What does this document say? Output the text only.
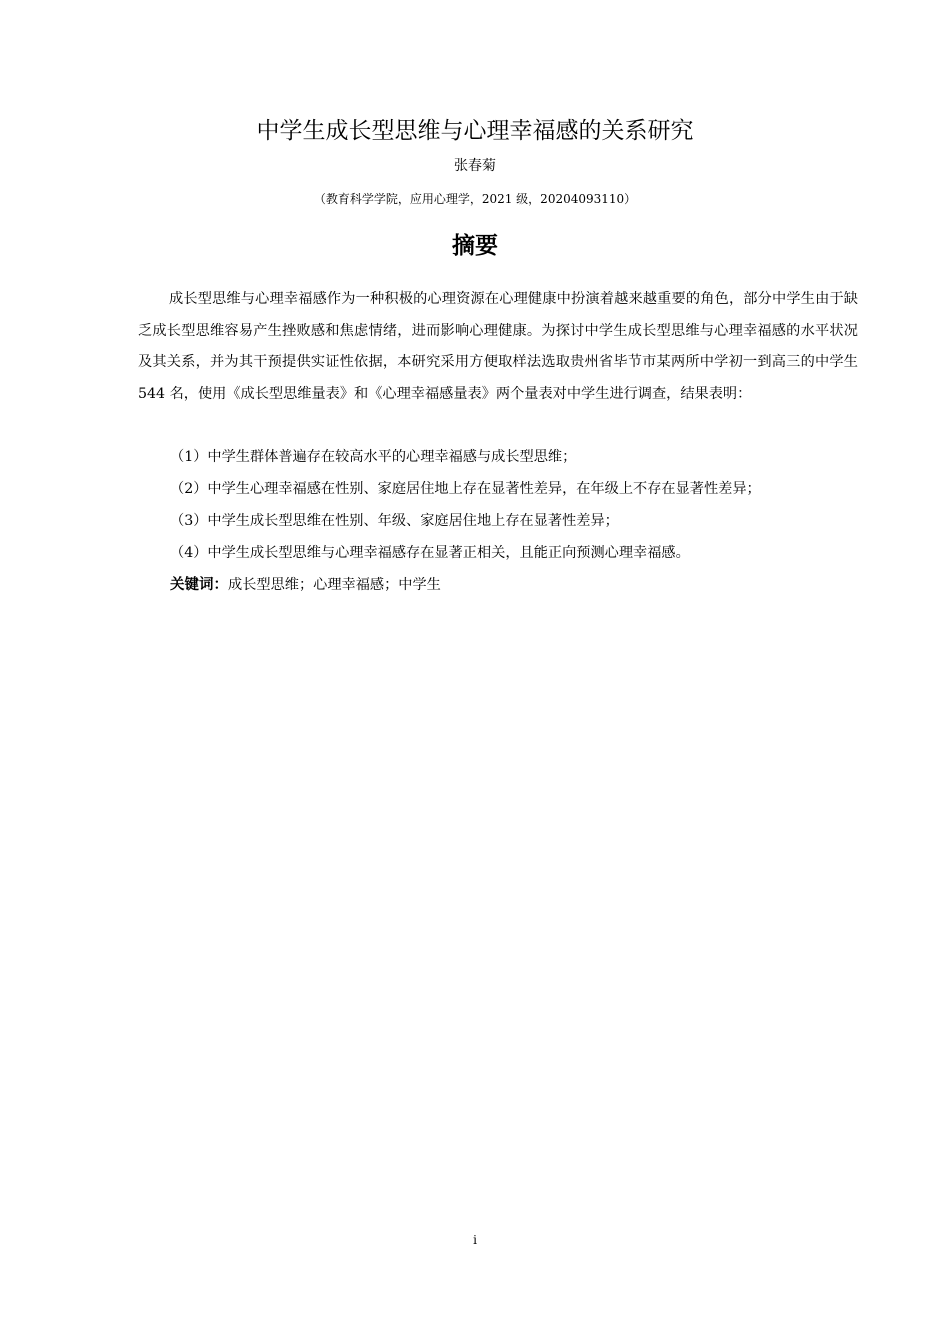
中学生成长型思维与心理幸福感的关系研究

张春菊

（教育科学学院，应用心理学，2021 级，20204093110）

摘要

成长型思维与心理幸福感作为一种积极的心理资源在心理健康中扮演着越来越重要的角色，部分中学生由于缺乏成长型思维容易产生挫败感和焦虑情绪，进而影响心理健康。为探讨中学生成长型思维与心理幸福感的水平状况及其关系，并为其干预提供实证性依据，本研究采用方便取样法选取贵州省毕节市某两所中学初一到高三的中学生 544 名，使用《成长型思维量表》和《心理幸福感量表》两个量表对中学生进行调查，结果表明：

（1）中学生群体普遍存在较高水平的心理幸福感与成长型思维；

（2）中学生心理幸福感在性别、家庭居住地上存在显著性差异，在年级上不存在显著性差异；

（3）中学生成长型思维在性别、年级、家庭居住地上存在显著性差异；

（4）中学生成长型思维与心理幸福感存在显著正相关，且能正向预测心理幸福感。

关键词：成长型思维；心理幸福感；中学生

i
